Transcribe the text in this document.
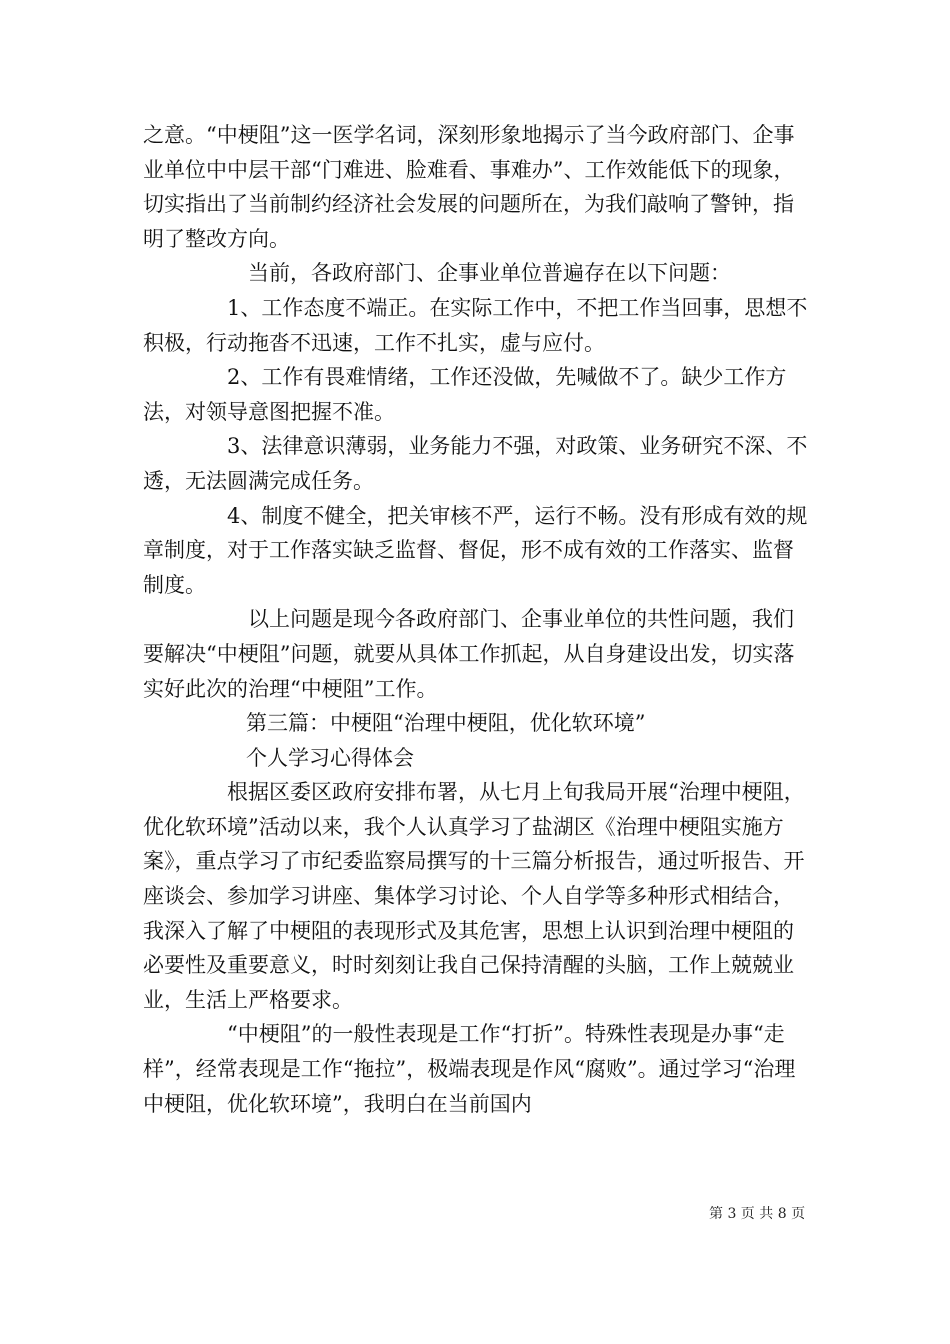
之意。“中梗阻”这一医学名词，深刻形象地揭示了当今政府部门、企事业单位中中层干部“门难进、脸难看、事难办”、工作效能低下的现象，切实指出了当前制约经济社会发展的问题所在，为我们敲响了警钟，指明了整改方向。

当前，各政府部门、企事业单位普遍存在以下问题：

1、工作态度不端正。在实际工作中，不把工作当回事，思想不积极，行动拖沓不迅速，工作不扎实，虚与应付。

2、工作有畏难情绪，工作还没做，先喊做不了。缺少工作方法，对领导意图把握不准。

3、法律意识薄弱，业务能力不强，对政策、业务研究不深、不透，无法圆满完成任务。

4、制度不健全，把关审核不严，运行不畅。没有形成有效的规章制度，对于工作落实缺乏监督、督促，形不成有效的工作落实、监督制度。

以上问题是现今各政府部门、企事业单位的共性问题，我们要解决“中梗阻”问题，就要从具体工作抓起，从自身建设出发，切实落实好此次的治理“中梗阻”工作。

第三篇：中梗阻“治理中梗阻，优化软环境”

个人学习心得体会

根据区委区政府安排布署，从七月上旬我局开展“治理中梗阻，优化软环境”活动以来，我个人认真学习了盐湖区《治理中梗阻实施方案》，重点学习了市纪委监察局撰写的十三篇分析报告，通过听报告、开座谈会、参加学习讲座、集体学习讨论、个人自学等多种形式相结合，我深入了解了中梗阻的表现形式及其危害，思想上认识到治理中梗阻的必要性及重要意义，时时刻刻让我自己保持清醒的头脑，工作上兢兢业业，生活上严格要求。

“中梗阻”的一般性表现是工作“打折”。特殊性表现是办事“走样”，经常表现是工作“拖拉”，极端表现是作风“腐败”。通过学习“治理中梗阻，优化软环境”，我明白在当前国内

第 3 页 共 8 页
